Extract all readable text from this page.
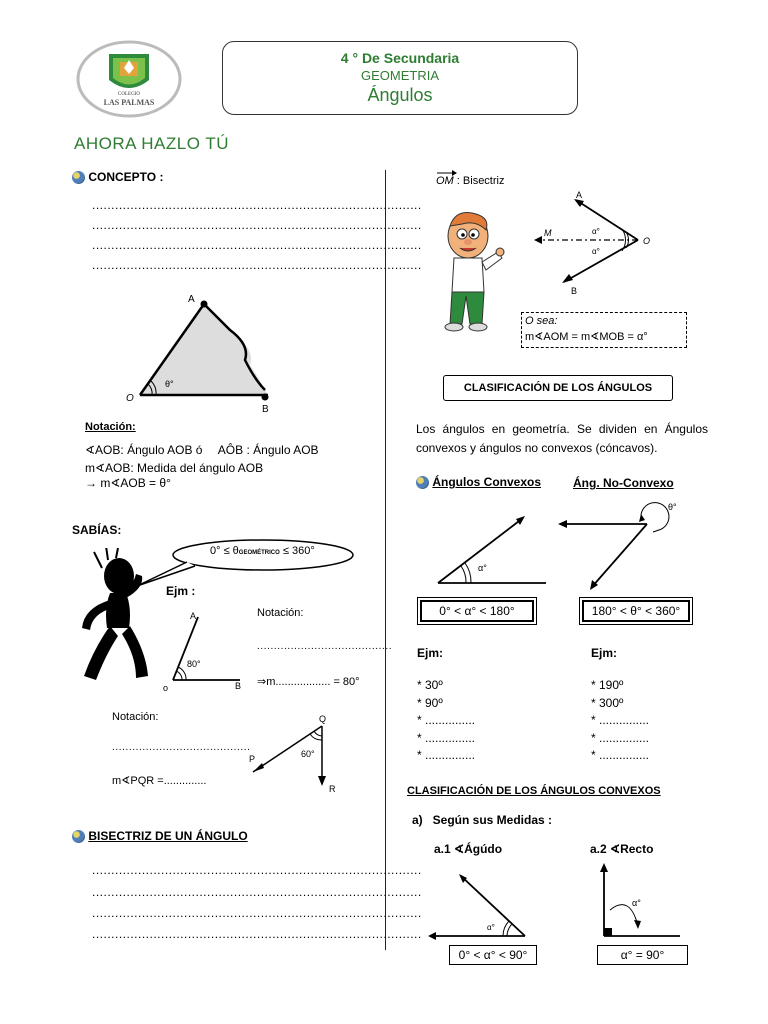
COLEGIO
LAS PALMAS
4 ° De Secundaria
GEOMETRIA
Ángulos
AHORA HAZLO TÚ
CONCEPTO :
......................................................................................
......................................................................................
......................................................................................
......................................................................................
A
O
B
θ°
Notación:
∢AOB: Ángulo AOB ó AÔB : Ángulo AOB
m∢AOB: Medida del ángulo AOB
→ m∢AOB = θ°
SABÍAS:
0° ≤ θGEOMÉTRICO ≤ 360°
Ejm :
A
o	B
80°
Notación:
........................................
⇒m.................. = 80°
Notación:
.........................................
m∢PQR =..............
Q
P
R
60°
BISECTRIZ DE UN ÁNGULO
......................................................................................
......................................................................................
......................................................................................
......................................................................................
OM : Bisectriz
A
M
O
B
α°
α°
O sea:
m∢AOM = m∢MOB = α°
CLASIFICACIÓN DE LOS ÁNGULOS
Los ángulos en geometría. Se dividen en Ángulos convexos y ángulos no convexos (cóncavos).
Ángulos Convexos	Áng. No-Convexo
α°
θ°
0° < α° < 180°	180° < θ° < 360°
Ejm:
* 30º
* 90º
* ...............
* ...............
* ...............
Ejm:
* 190º
* 300º
* ...............
* ...............
* ...............
CLASIFICACIÓN DE LOS ÁNGULOS CONVEXOS
a)   Según sus Medidas :
a.1 ∢Ágúdo	a.2 ∢Recto
α°
α°
0° < α° < 90°	α° = 90°
